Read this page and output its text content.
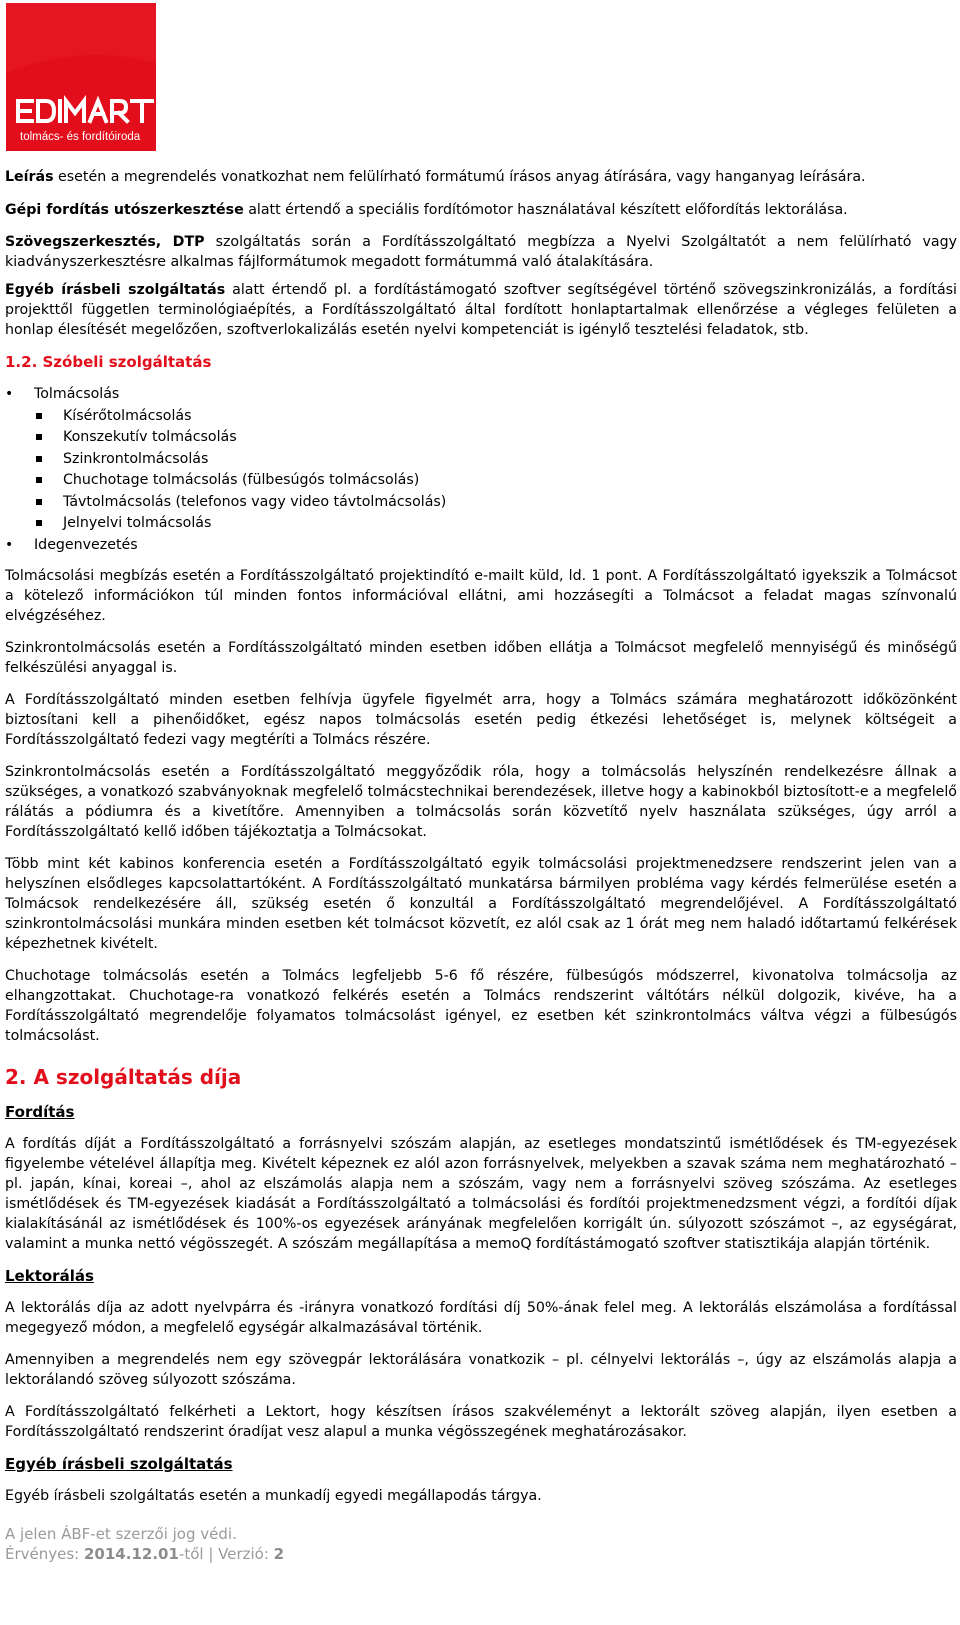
tolmács- és fordítóiroda

Leírás esetén a megrendelés vonatkozhat nem felülírható formátumú írásos anyag átírására, vagy hanganyag leírására.

Gépi fordítás utószerkesztése alatt értendő a speciális fordítómotor használatával készített előfordítás lektorálása.

Szövegszerkesztés, DTP szolgáltatás során a Fordításszolgáltató megbízza a Nyelvi Szolgáltatót a nem felülírható vagy kiadványszerkesztésre alkalmas fájlformátumok megadott formátummá való átalakítására.

Egyéb írásbeli szolgáltatás alatt értendő pl. a fordítástámogató szoftver segítségével történő szövegszinkronizálás, a fordítási projekttől független terminológiaépítés, a Fordításszolgáltató által fordított honlaptartalmak ellenőrzése a végleges felületen a honlap élesítését megelőzően, szoftverlokalizálás esetén nyelvi kompetenciát is igénylő tesztelési feladatok, stb.

1.2. Szóbeli szolgáltatás
• Tolmácsolás
Kísérőtolmácsolás
Konszekutív tolmácsolás
Szinkrontolmácsolás
Chuchotage tolmácsolás (fülbesúgós tolmácsolás)
Távtolmácsolás (telefonos vagy video távtolmácsolás)
Jelnyelvi tolmácsolás
• Idegenvezetés

Tolmácsolási megbízás esetén a Fordításszolgáltató projektindító e-mailt küld, ld. 1 pont. A Fordításszolgáltató igyekszik a Tolmácsot a kötelező információkon túl minden fontos információval ellátni, ami hozzásegíti a Tolmácsot a feladat magas színvonalú elvégzéséhez.

Szinkrontolmácsolás esetén a Fordításszolgáltató minden esetben időben ellátja a Tolmácsot megfelelő mennyiségű és minőségű felkészülési anyaggal is.

A Fordításszolgáltató minden esetben felhívja ügyfele figyelmét arra, hogy a Tolmács számára meghatározott időközönként biztosítani kell a pihenőidőket, egész napos tolmácsolás esetén pedig étkezési lehetőséget is, melynek költségeit a Fordításszolgáltató fedezi vagy megtéríti a Tolmács részére.

Szinkrontolmácsolás esetén a Fordításszolgáltató meggyőződik róla, hogy a tolmácsolás helyszínén rendelkezésre állnak a szükséges, a vonatkozó szabványoknak megfelelő tolmácstechnikai berendezések, illetve hogy a kabinokból biztosított-e a megfelelő rálátás a pódiumra és a kivetítőre. Amennyiben a tolmácsolás során közvetítő nyelv használata szükséges, úgy arról a Fordításszolgáltató kellő időben tájékoztatja a Tolmácsokat.

Több mint két kabinos konferencia esetén a Fordításszolgáltató egyik tolmácsolási projektmenedzsere rendszerint jelen van a helyszínen elsődleges kapcsolattartóként. A Fordításszolgáltató munkatársa bármilyen probléma vagy kérdés felmerülése esetén a Tolmácsok rendelkezésére áll, szükség esetén ő konzultál a Fordításszolgáltató megrendelőjével. A Fordításszolgáltató szinkrontolmácsolási munkára minden esetben két tolmácsot közvetít, ez alól csak az 1 órát meg nem haladó időtartamú felkérések képezhetnek kivételt.

Chuchotage tolmácsolás esetén a Tolmács legfeljebb 5-6 fő részére, fülbesúgós módszerrel, kivonatolva tolmácsolja az elhangzottakat. Chuchotage-ra vonatkozó felkérés esetén a Tolmács rendszerint váltótárs nélkül dolgozik, kivéve, ha a Fordításszolgáltató megrendelője folyamatos tolmácsolást igényel, ez esetben két szinkrontolmács váltva végzi a fülbesúgós tolmácsolást.

2. A szolgáltatás díja
Fordítás

A fordítás díját a Fordításszolgáltató a forrásnyelvi szószám alapján, az esetleges mondatszintű ismétlődések és TM-egyezések figyelembe vételével állapítja meg. Kivételt képeznek ez alól azon forrásnyelvek, melyekben a szavak száma nem meghatározható – pl. japán, kínai, koreai –, ahol az elszámolás alapja nem a szószám, vagy nem a forrásnyelvi szöveg szószáma. Az esetleges ismétlődések és TM-egyezések kiadását a Fordításszolgáltató a tolmácsolási és fordítói projektmenedzsment végzi, a fordítói díjak kialakításánál az ismétlődések és 100%-os egyezések arányának megfelelően korrigált ún. súlyozott szószámot –, az egységárat, valamint a munka nettó végösszegét. A szószám megállapítása a memoQ fordítástámogató szoftver statisztikája alapján történik.

Lektorálás

A lektorálás díja az adott nyelvpárra és -irányra vonatkozó fordítási díj 50%-ának felel meg. A lektorálás elszámolása a fordítással megegyező módon, a megfelelő egységár alkalmazásával történik.

Amennyiben a megrendelés nem egy szövegpár lektorálására vonatkozik – pl. célnyelvi lektorálás –, úgy az elszámolás alapja a lektorálandó szöveg súlyozott szószáma.

A Fordításszolgáltató felkérheti a Lektort, hogy készítsen írásos szakvéleményt a lektorált szöveg alapján, ilyen esetben a Fordításszolgáltató rendszerint óradíjat vesz alapul a munka végösszegének meghatározásakor.

Egyéb írásbeli szolgáltatás

Egyéb írásbeli szolgáltatás esetén a munkadíj egyedi megállapodás tárgya.

A jelen ÁBF-et szerzői jog védi.
Érvényes: 2014.12.01-től | Verzió: 2
